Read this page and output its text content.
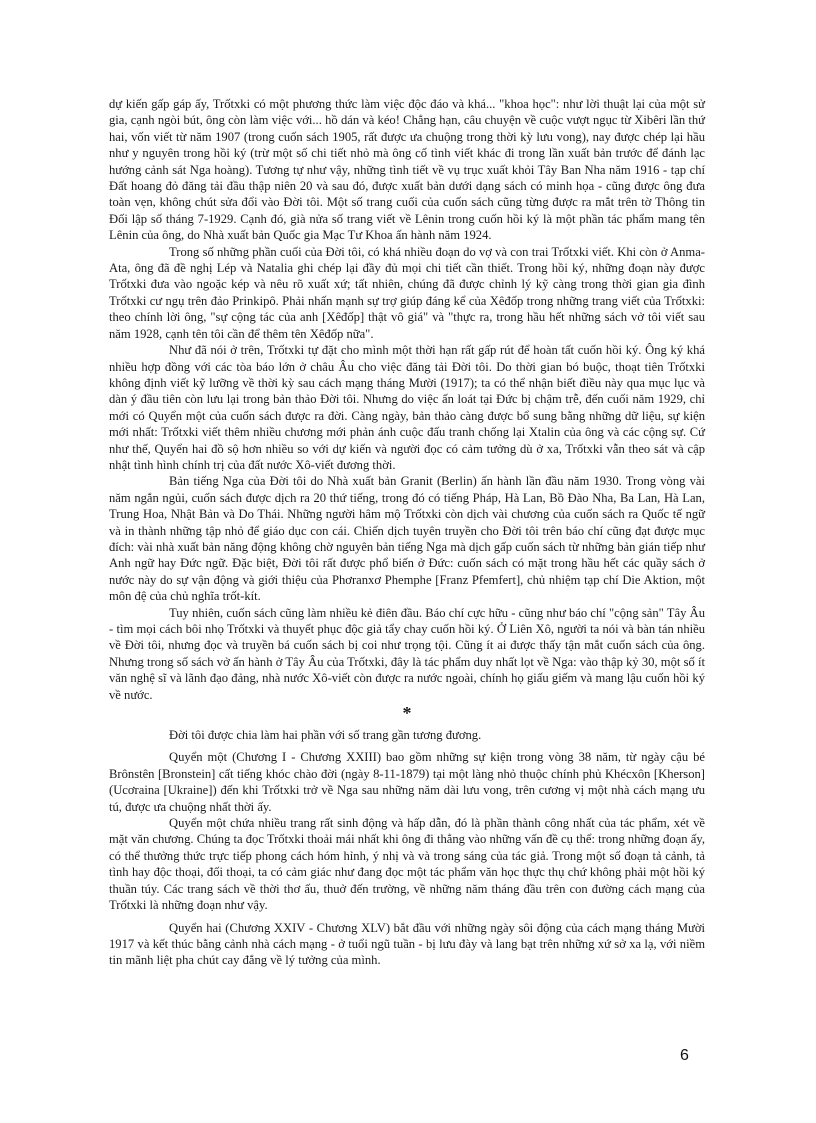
dự kiến gấp gáp ấy, Trốtxki có một phương thức làm việc độc đáo và khá... "khoa học": như lời thuật lại của một sử gia, cạnh ngòi bút, ông còn làm việc với... hồ dán và kéo! Chẳng hạn, câu chuyện về cuộc vượt ngục từ Xibêri lần thứ hai, vốn viết từ năm 1907 (trong cuốn sách 1905, rất được ưa chuộng trong thời kỳ lưu vong), nay được chép lại hầu như y nguyên trong hồi ký (trừ một số chi tiết nhỏ mà ông cố tình viết khác đi trong lần xuất bản trước để đánh lạc hướng cảnh sát Nga hoàng). Tương tự như vậy, những tình tiết về vụ trục xuất khỏi Tây Ban Nha năm 1916 - tạp chí Đất hoang đỏ đăng tải đầu thập niên 20 và sau đó, được xuất bản dưới dạng sách có minh họa - cũng được ông đưa toàn vẹn, không chút sửa đổi vào Đời tôi. Một số trang cuối của cuốn sách cũng từng được ra mắt trên tờ Thông tin Đối lập số tháng 7-1929. Cạnh đó, già nửa số trang viết về Lênin trong cuốn hồi ký là một phần tác phẩm mang tên Lênin của ông, do Nhà xuất bản Quốc gia Mạc Tư Khoa ấn hành năm 1924.

Trong số những phần cuối của Đời tôi, có khá nhiều đoạn do vợ và con trai Trốtxki viết. Khi còn ở Anma-Ata, ông đã đề nghị Lép và Natalia ghi chép lại đầy đủ mọi chi tiết cần thiết. Trong hồi ký, những đoạn này được Trốtxki đưa vào ngoặc kép và nêu rõ xuất xứ; tất nhiên, chúng đã được chỉnh lý kỹ càng trong thời gian gia đình Trốtxki cư ngụ trên đảo Prinkipô. Phải nhấn mạnh sự trợ giúp đáng kể của Xêđốp trong những trang viết của Trốtxki: theo chính lời ông, "sự cộng tác của anh [Xêđốp] thật vô giá" và "thực ra, trong hầu hết những sách vở tôi viết sau năm 1928, cạnh tên tôi cần để thêm tên Xêđốp nữa".

Như đã nói ở trên, Trốtxki tự đặt cho mình một thời hạn rất gấp rút để hoàn tất cuốn hồi ký. Ông ký khá nhiều hợp đồng với các tòa báo lớn ở châu Âu cho việc đăng tải Đời tôi. Do thời gian bó buộc, thoạt tiên Trốtxki không định viết kỹ lưỡng về thời kỳ sau cách mạng tháng Mười (1917); ta có thể nhận biết điều này qua mục lục và dàn ý đầu tiên còn lưu lại trong bản thảo Đời tôi. Nhưng do việc ấn loát tại Đức bị chậm trễ, đến cuối năm 1929, chỉ mới có Quyển một của cuốn sách được ra đời. Càng ngày, bản thảo càng được bổ sung bằng những dữ liệu, sự kiện mới nhất: Trốtxki viết thêm nhiều chương mới phản ánh cuộc đấu tranh chống lại Xtalin của ông và các cộng sự. Cứ như thế, Quyển hai đồ sộ hơn nhiều so với dự kiến và người đọc có cảm tưởng dù ở xa, Trốtxki vẫn theo sát và cập nhật tình hình chính trị của đất nước Xô-viết đương thời.

Bản tiếng Nga của Đời tôi do Nhà xuất bản Granit (Berlin) ấn hành lần đầu năm 1930. Trong vòng vài năm ngắn ngủi, cuốn sách được dịch ra 20 thứ tiếng, trong đó có tiếng Pháp, Hà Lan, Bồ Đào Nha, Ba Lan, Hà Lan, Trung Hoa, Nhật Bản và Do Thái. Những người hâm mộ Trốtxki còn dịch vài chương của cuốn sách ra Quốc tế ngữ và in thành những tập nhỏ để giáo dục con cái. Chiến dịch tuyên truyền cho Đời tôi trên báo chí cũng đạt được mục đích: vài nhà xuất bản năng động không chờ nguyên bản tiếng Nga mà dịch gấp cuốn sách từ những bản gián tiếp như Anh ngữ hay Đức ngữ. Đặc biệt, Đời tôi rất được phổ biến ở Đức: cuốn sách có mặt trong hầu hết các quầy sách ở nước này do sự vận động và giới thiệu của Phơranxơ Phemphe [Franz Pfemfert], chủ nhiệm tạp chí Die Aktion, một môn đệ của chủ nghĩa trốt-kít.

Tuy nhiên, cuốn sách cũng làm nhiều kẻ điên đầu. Báo chí cực hữu - cũng như báo chí "cộng sản" Tây Âu - tìm mọi cách bôi nhọ Trốtxki và thuyết phục độc giả tẩy chay cuốn hồi ký. Ở Liên Xô, người ta nói và bàn tán nhiều về Đời tôi, nhưng đọc và truyền bá cuốn sách bị coi như trọng tội. Cũng ít ai được thấy tận mắt cuốn sách của ông. Nhưng trong số sách vở ấn hành ở Tây Âu của Trốtxki, đây là tác phẩm duy nhất lọt về Nga: vào thập kỷ 30, một số ít văn nghệ sĩ và lãnh đạo đảng, nhà nước Xô-viết còn được ra nước ngoài, chính họ giấu giếm và mang lậu cuốn hồi ký về nước.

*

Đời tôi được chia làm hai phần với số trang gần tương đương.

Quyển một (Chương I - Chương XXIII) bao gồm những sự kiện trong vòng 38 năm, từ ngày cậu bé Brônstên [Bronstein] cất tiếng khóc chào đời (ngày 8-11-1879) tại một làng nhỏ thuộc chính phủ Khécxôn [Kherson] (Ucơraina [Ukraine]) đến khi Trốtxki trở về Nga sau những năm dài lưu vong, trên cương vị một nhà cách mạng ưu tú, được ưa chuộng nhất thời ấy.

Quyển một chứa nhiều trang rất sinh động và hấp dẫn, đó là phần thành công nhất của tác phẩm, xét về mặt văn chương. Chúng ta đọc Trốtxki thoải mái nhất khi ông đi thẳng vào những vấn đề cụ thể: trong những đoạn ấy, có thể thưởng thức trực tiếp phong cách hóm hỉnh, ý nhị và và trong sáng của tác giả. Trong một số đoạn tả cảnh, tả tình hay độc thoại, đối thoại, ta có cảm giác như đang đọc một tác phẩm văn học thực thụ chứ không phải một hồi ký thuần túy. Các trang sách về thời thơ ấu, thuở đến trường, về những năm tháng đầu trên con đường cách mạng của Trốtxki là những đoạn như vậy.

Quyển hai (Chương XXIV - Chương XLV) bắt đầu với những ngày sôi động của cách mạng tháng Mười 1917 và kết thúc bằng cảnh nhà cách mạng - ở tuổi ngũ tuần - bị lưu đày và lang bạt trên những xứ sở xa lạ, với niềm tin mãnh liệt pha chút cay đắng về lý tưởng của mình.

6
